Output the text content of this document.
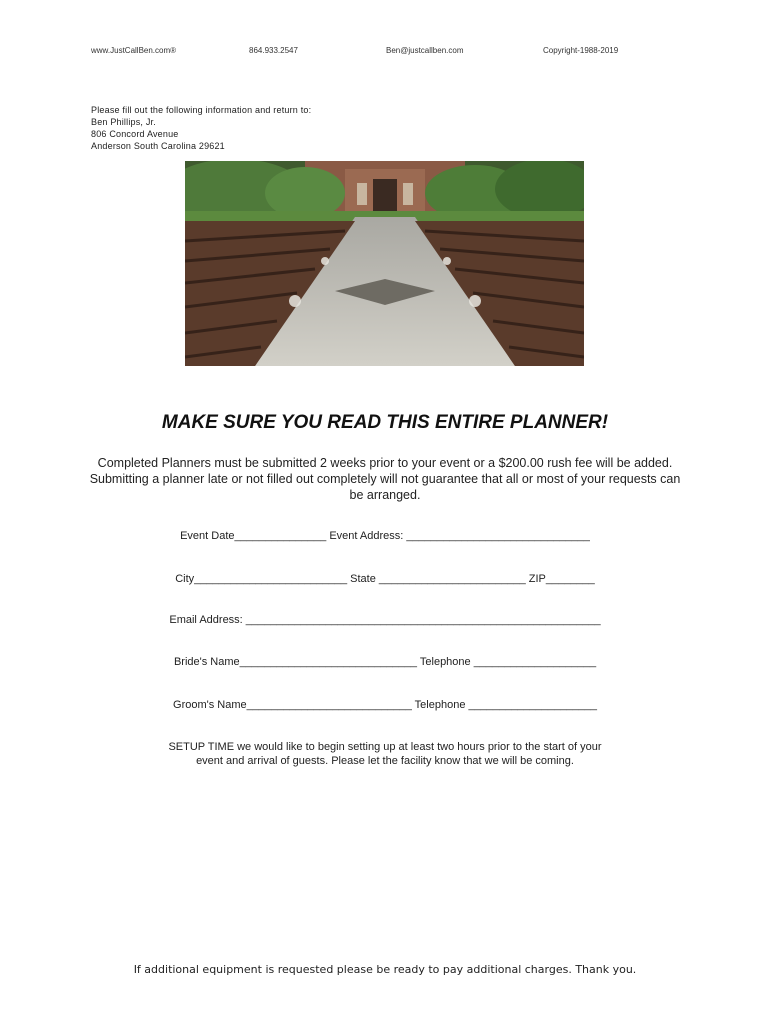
www.JustCallBen.com®	864.933.2547	Ben@justcallben.com	Copyright-1988-2019
Please fill out the following information and return to:
Ben Phillips, Jr.
806 Concord Avenue
Anderson South Carolina 29621
MAKE SURE YOU READ THIS ENTIRE PLANNER!
Completed Planners must be submitted 2 weeks prior to your event or a $200.00 rush fee will be added. Submitting a planner late or not filled out completely will not guarantee that all or most of your requests can be arranged.
Event Date_______________ Event Address: ______________________________
City_________________________ State ________________________ ZIP________
Email Address: __________________________________________________________
Bride's Name_____________________________ Telephone ____________________
Groom's Name___________________________ Telephone _____________________
SETUP TIME we would like to begin setting up at least two hours prior to the start of your event and arrival of guests. Please let the facility know that we will be coming.
If additional equipment is requested please be ready to pay additional charges. Thank you.
